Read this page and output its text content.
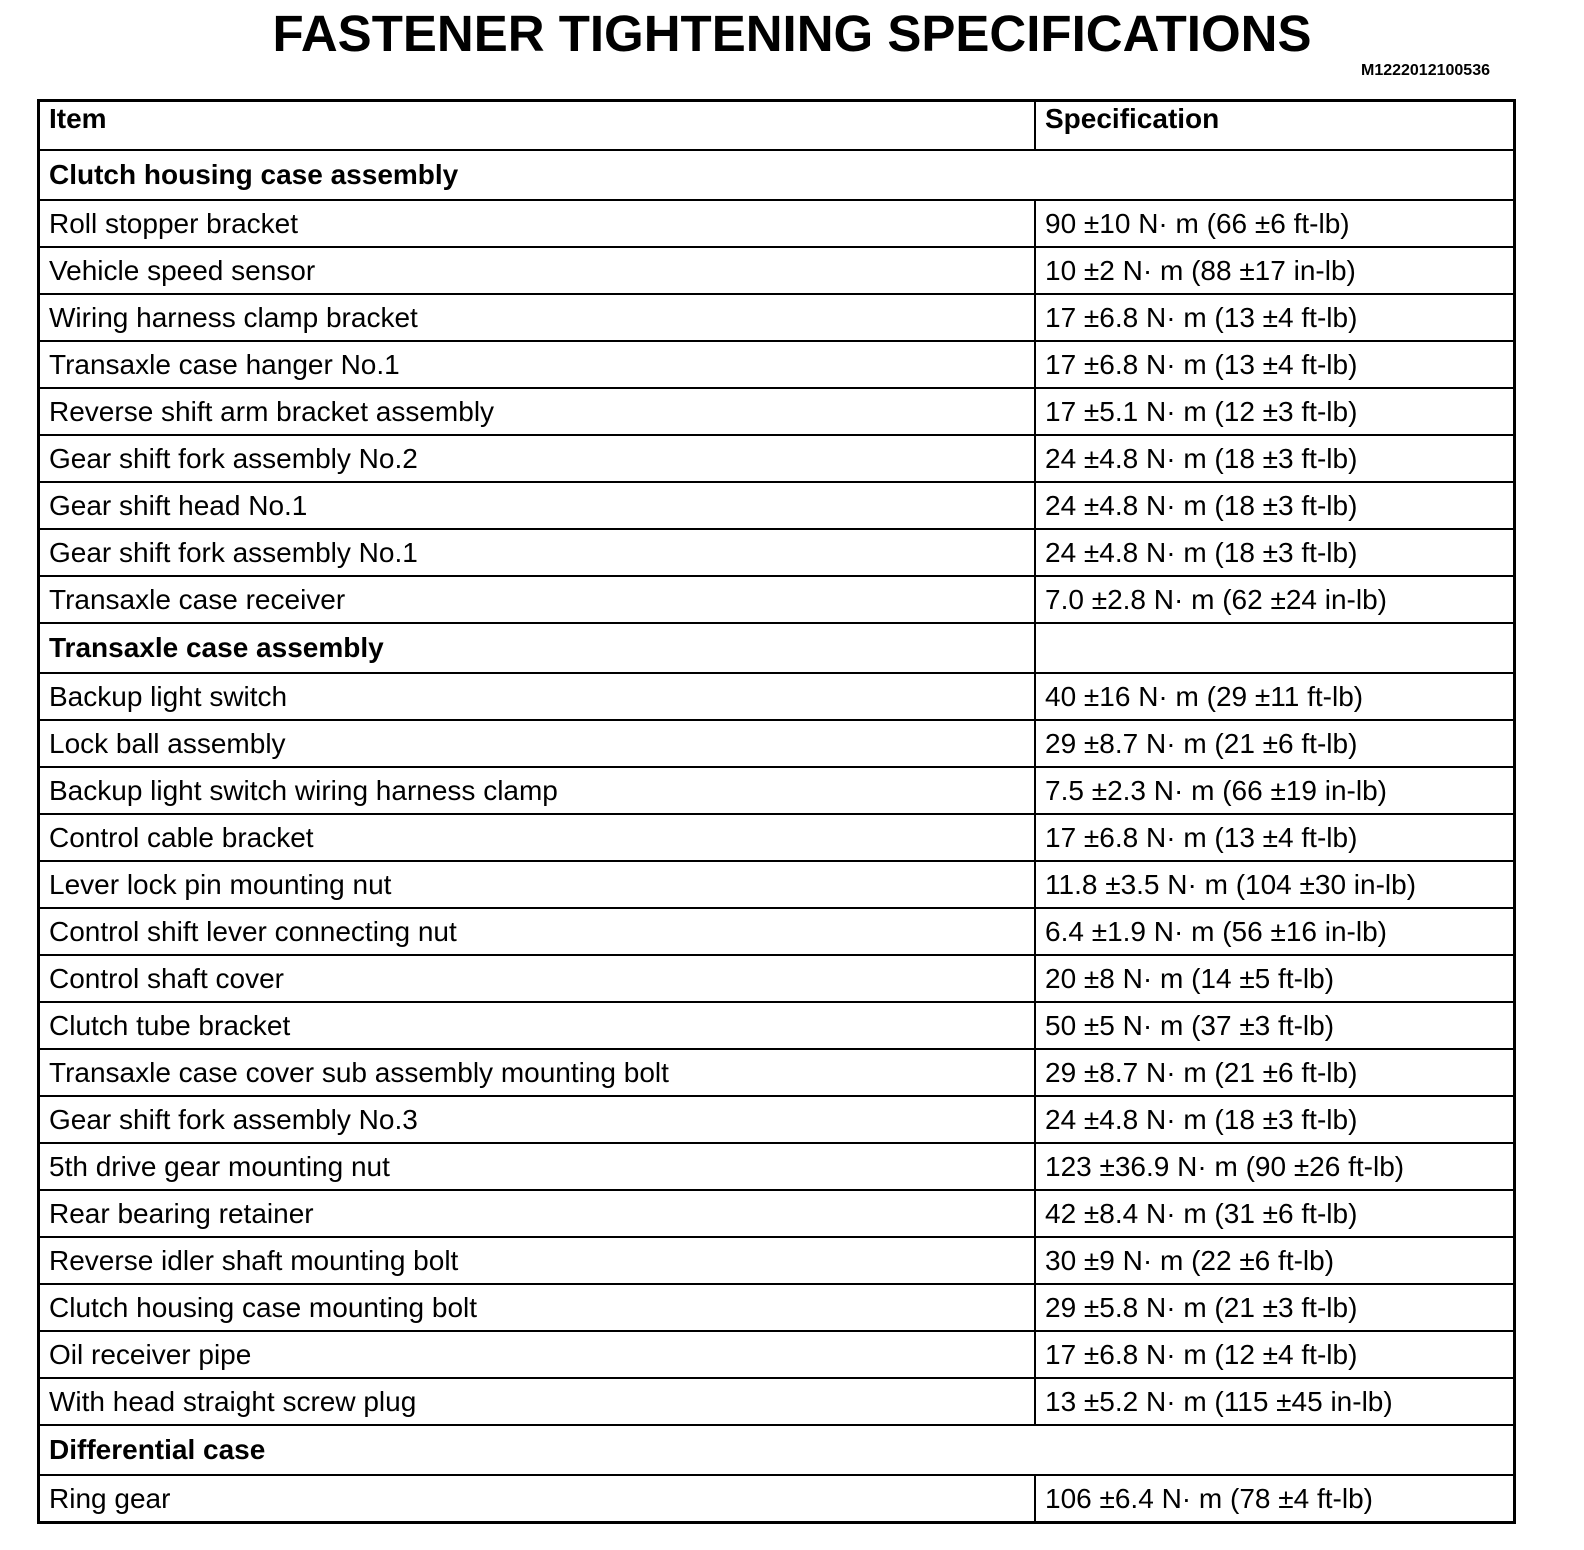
FASTENER TIGHTENING SPECIFICATIONS
M1222012100536
Item	Specification
Clutch housing case assembly	
Roll stopper bracket	90 ±10 N· m (66 ±6 ft-lb)
Vehicle speed sensor	10 ±2 N· m (88 ±17 in-lb)
Wiring harness clamp bracket	17 ±6.8 N· m (13 ±4 ft-lb)
Transaxle case hanger No.1	17 ±6.8 N· m (13 ±4 ft-lb)
Reverse shift arm bracket assembly	17 ±5.1 N· m (12 ±3 ft-lb)
Gear shift fork assembly No.2	24 ±4.8 N· m (18 ±3 ft-lb)
Gear shift head No.1	24 ±4.8 N· m (18 ±3 ft-lb)
Gear shift fork assembly No.1	24 ±4.8 N· m (18 ±3 ft-lb)
Transaxle case receiver	7.0 ±2.8 N· m (62 ±24 in-lb)
Transaxle case assembly	
Backup light switch	40 ±16 N· m (29 ±11 ft-lb)
Lock ball assembly	29 ±8.7 N· m (21 ±6 ft-lb)
Backup light switch wiring harness clamp	7.5 ±2.3 N· m (66 ±19 in-lb)
Control cable bracket	17 ±6.8 N· m (13 ±4 ft-lb)
Lever lock pin mounting nut	11.8 ±3.5 N· m (104 ±30 in-lb)
Control shift lever connecting nut	6.4 ±1.9 N· m (56 ±16 in-lb)
Control shaft cover	20 ±8 N· m (14 ±5 ft-lb)
Clutch tube bracket	50 ±5 N· m (37 ±3 ft-lb)
Transaxle case cover sub assembly mounting bolt	29 ±8.7 N· m (21 ±6 ft-lb)
Gear shift fork assembly No.3	24 ±4.8 N· m (18 ±3 ft-lb)
5th drive gear mounting nut	123 ±36.9 N· m (90 ±26 ft-lb)
Rear bearing retainer	42 ±8.4 N· m (31 ±6 ft-lb)
Reverse idler shaft mounting bolt	30 ±9 N· m (22 ±6 ft-lb)
Clutch housing case mounting bolt	29 ±5.8 N· m (21 ±3 ft-lb)
Oil receiver pipe	17 ±6.8 N· m (12 ±4 ft-lb)
With head straight screw plug	13 ±5.2 N· m (115 ±45 in-lb)
Differential case	
Ring gear	106 ±6.4 N· m (78 ±4 ft-lb)
